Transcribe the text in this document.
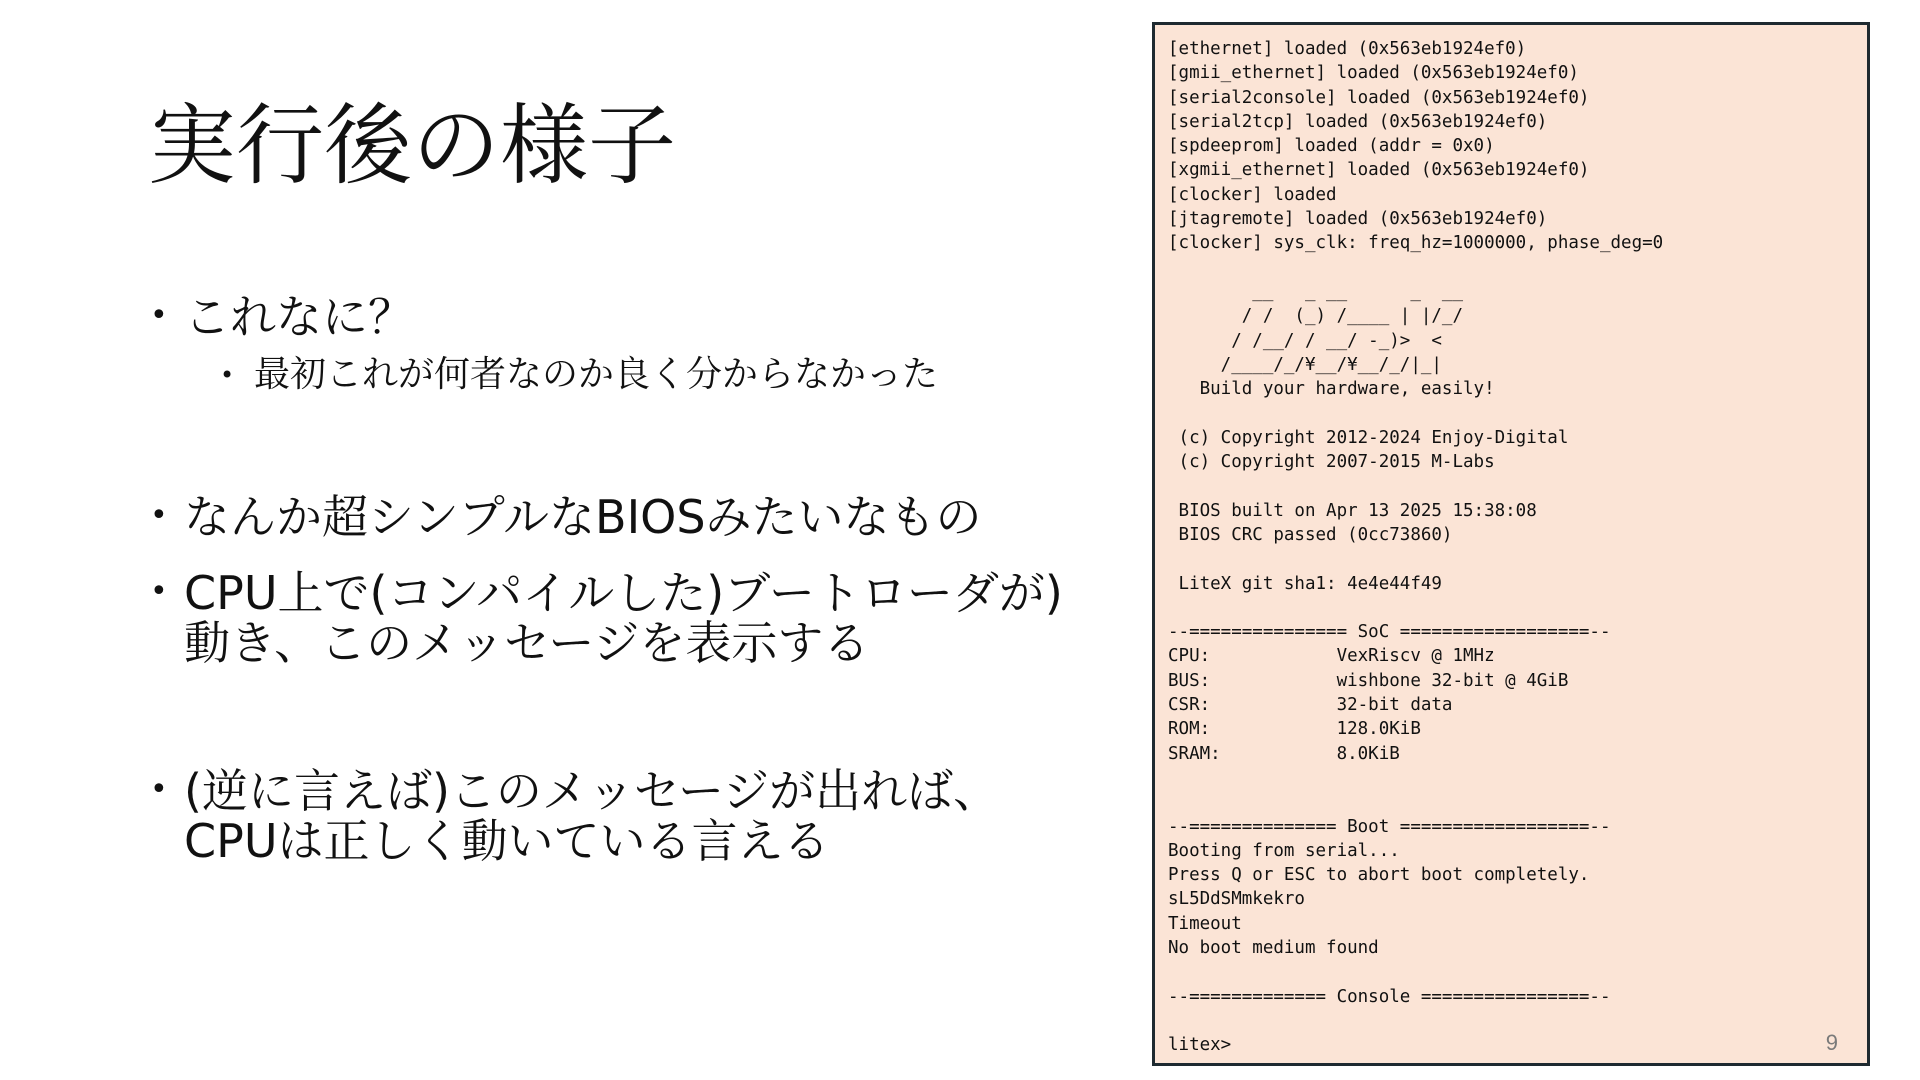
実行後の様子
• これなに？
• 最初これが何者なのか良く分からなかった
• なんか超シンプルなBIOSみたいなもの
• CPU上で(コンパイルした)ブートローダが)
動き、このメッセージを表示する
• (逆に言えば)このメッセージが出れば、
CPUは正しく動いている言える
[ethernet] loaded (0x563eb1924ef0)
[gmii_ethernet] loaded (0x563eb1924ef0)
[serial2console] loaded (0x563eb1924ef0)
[serial2tcp] loaded (0x563eb1924ef0)
[spdeeprom] loaded (addr = 0x0)
[xgmii_ethernet] loaded (0x563eb1924ef0)
[clocker] loaded
[jtagremote] loaded (0x563eb1924ef0)
[clocker] sys_clk: freq_hz=1000000, phase_deg=0

__   _ __      _  __
/ /  (_) /____ | |/_/
/ /__/ / __/ -_)>  <
/____/_/¥__/¥__/_/|_|
Build your hardware, easily!

(c) Copyright 2012-2024 Enjoy-Digital
(c) Copyright 2007-2015 M-Labs

BIOS built on Apr 13 2025 15:38:08
BIOS CRC passed (0cc73860)

LiteX git sha1: 4e4e44f49

--=============== SoC ==================--
CPU:            VexRiscv @ 1MHz
BUS:            wishbone 32-bit @ 4GiB
CSR:            32-bit data
ROM:            128.0KiB
SRAM:           8.0KiB

--============== Boot ==================--
Booting from serial...
Press Q or ESC to abort boot completely.
sL5DdSMmkekro
Timeout
No boot medium found

--============= Console ================--

litex>	9
